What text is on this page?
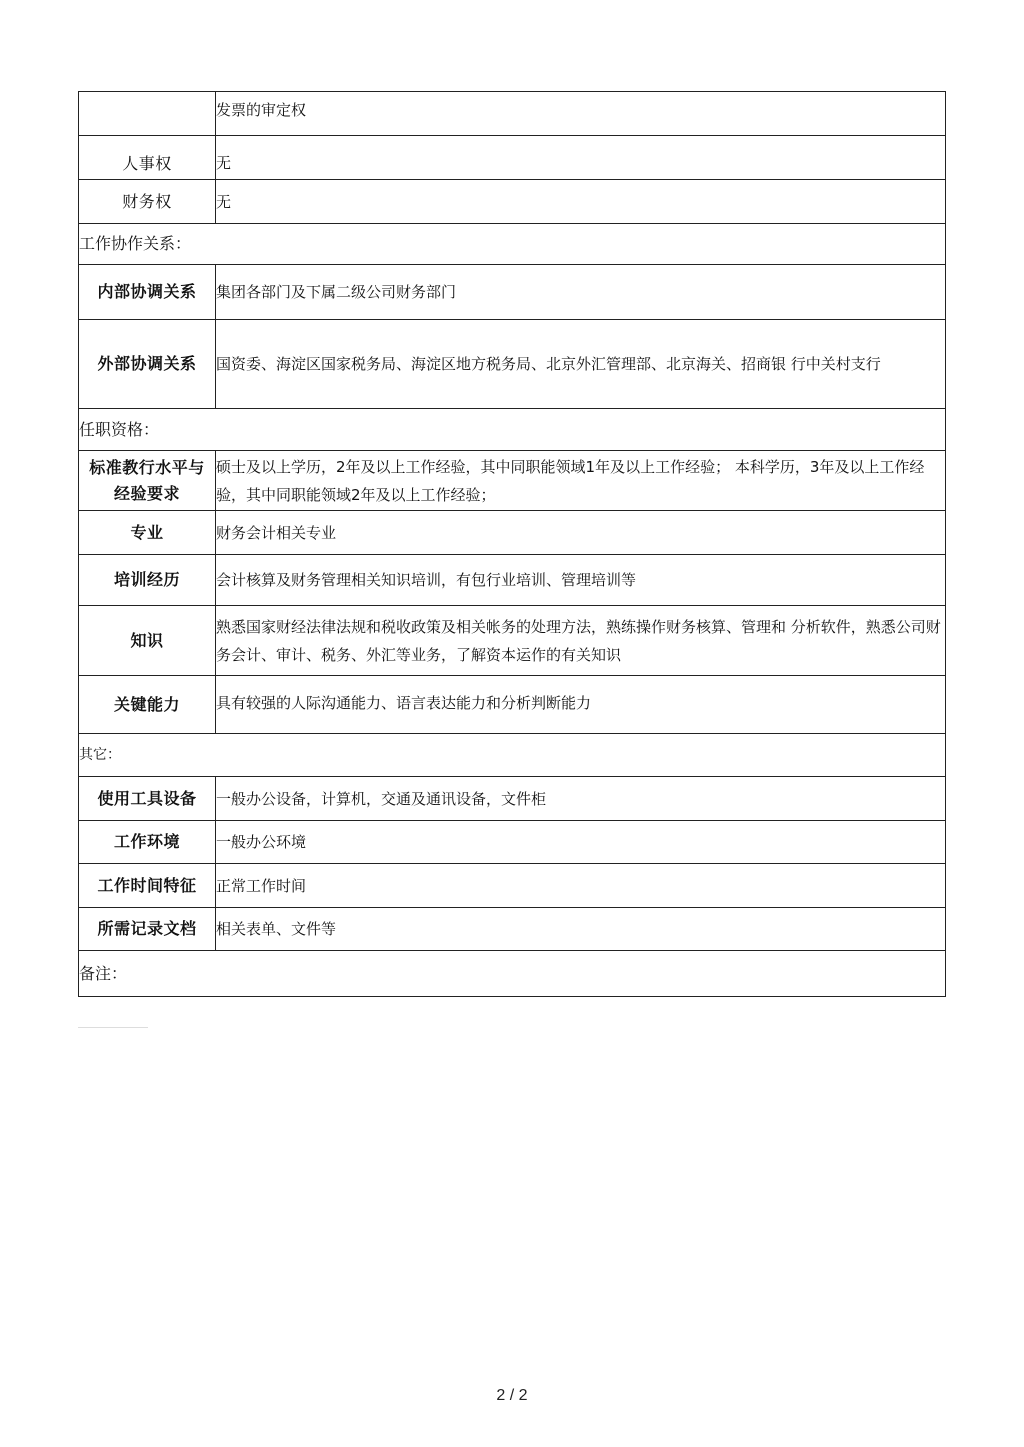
	发票的审定权
人事权	无
财务权	无
工作协作关系：	
内部协调关系	集团各部门及下属二级公司财务部门
外部协调关系	国资委、海淀区国家税务局、海淀区地方税务局、北京外汇管理部、北京海关、招商银 行中关村支行
任职资格：	
标准教行水平与经验要求	硕士及以上学历，2年及以上工作经验，其中同职能领域1年及以上工作经验； 本科学历，3年及以上工作经验，其中同职能领域2年及以上工作经验；
专业	财务会计相关专业
培训经历	会计核算及财务管理相关知识培训，有包行业培训、管理培训等
知识	熟悉国家财经法律法规和税收政策及相关帐务的处理方法，熟练操作财务核算、管理和 分析软件，熟悉公司财务会计、审计、税务、外汇等业务，了解资本运作的有关知识
关键能力	具有较强的人际沟通能力、语言表达能力和分析判断能力
其它：	
使用工具设备	一般办公设备，计算机，交通及通讯设备，文件柜
工作环境	一般办公环境
工作时间特征	正常工作时间
所需记录文档	相关表单、文件等
备注：	
2 / 2
